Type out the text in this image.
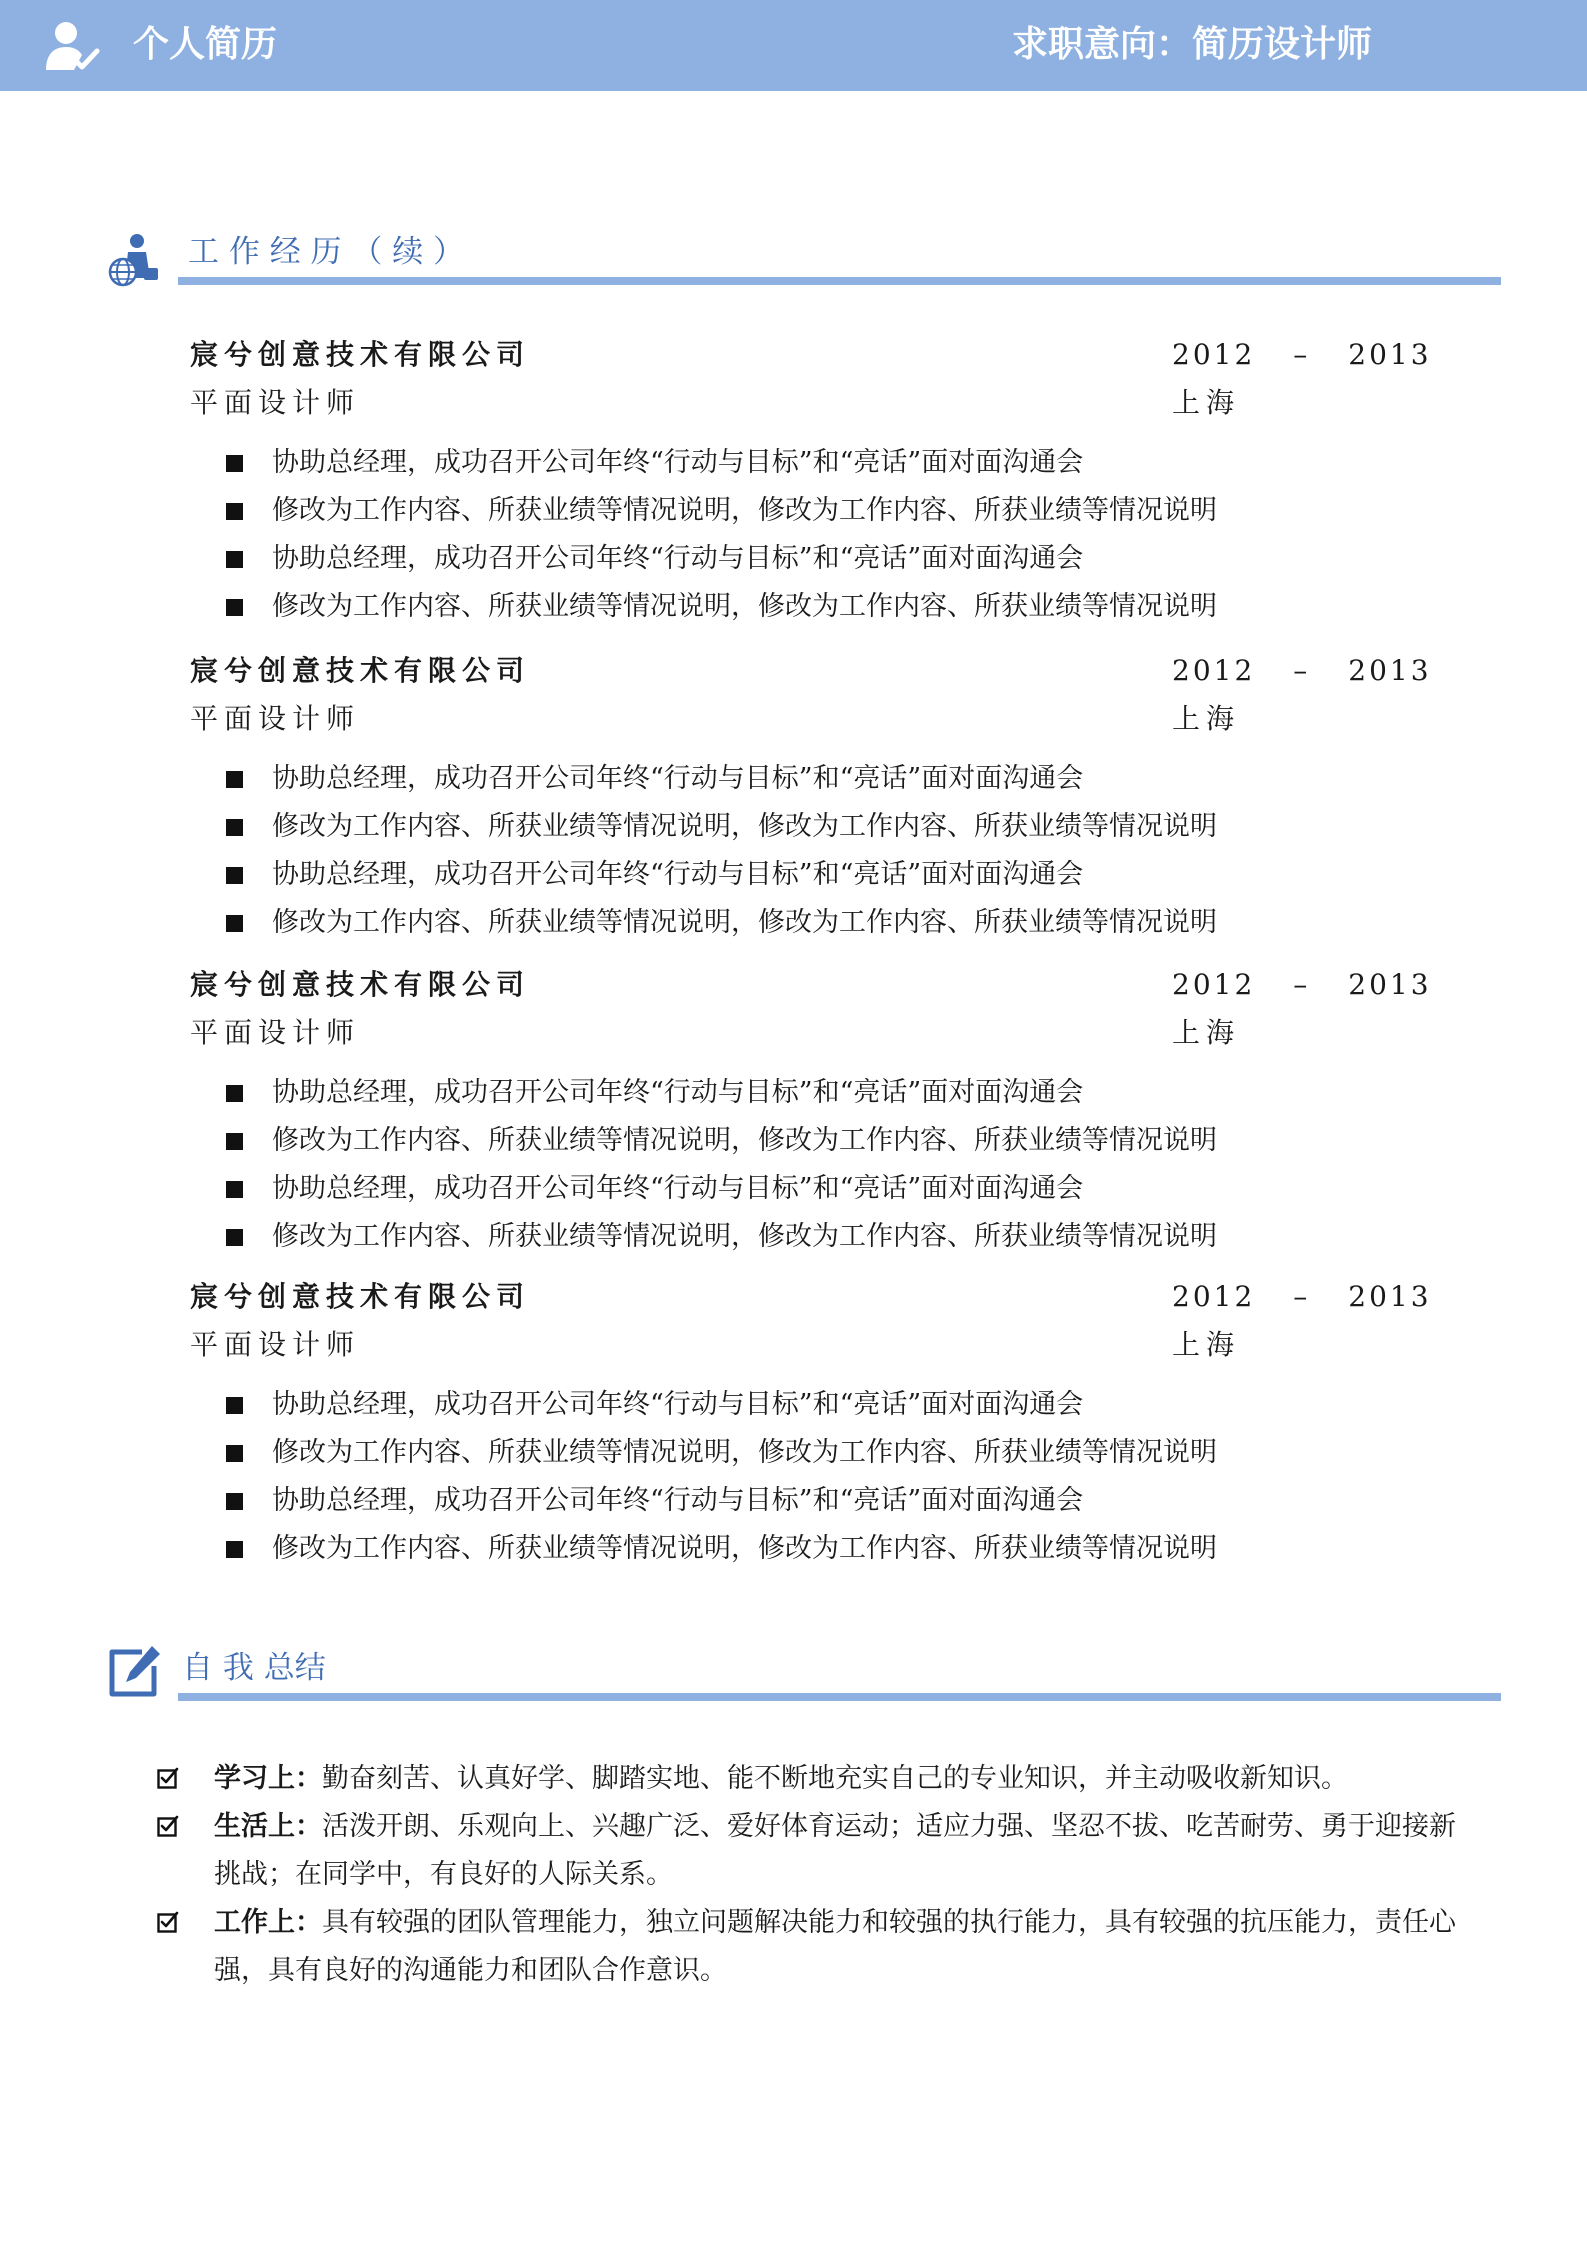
个人简历	求职意向：简历设计师
工 作 经 历 （ 续 ）
宸兮创意技术有限公司	2012 – 2013
平面设计师	上海
协助总经理，成功召开公司年终“行动与目标”和“亮话”面对面沟通会
修改为工作内容、所获业绩等情况说明，修改为工作内容、所获业绩等情况说明
协助总经理，成功召开公司年终“行动与目标”和“亮话”面对面沟通会
修改为工作内容、所获业绩等情况说明，修改为工作内容、所获业绩等情况说明
宸兮创意技术有限公司	2012 – 2013
平面设计师	上海
协助总经理，成功召开公司年终“行动与目标”和“亮话”面对面沟通会
修改为工作内容、所获业绩等情况说明，修改为工作内容、所获业绩等情况说明
协助总经理，成功召开公司年终“行动与目标”和“亮话”面对面沟通会
修改为工作内容、所获业绩等情况说明，修改为工作内容、所获业绩等情况说明
宸兮创意技术有限公司	2012 – 2013
平面设计师	上海
协助总经理，成功召开公司年终“行动与目标”和“亮话”面对面沟通会
修改为工作内容、所获业绩等情况说明，修改为工作内容、所获业绩等情况说明
协助总经理，成功召开公司年终“行动与目标”和“亮话”面对面沟通会
修改为工作内容、所获业绩等情况说明，修改为工作内容、所获业绩等情况说明
宸兮创意技术有限公司	2012 – 2013
平面设计师	上海
协助总经理，成功召开公司年终“行动与目标”和“亮话”面对面沟通会
修改为工作内容、所获业绩等情况说明，修改为工作内容、所获业绩等情况说明
协助总经理，成功召开公司年终“行动与目标”和“亮话”面对面沟通会
修改为工作内容、所获业绩等情况说明，修改为工作内容、所获业绩等情况说明
自 我 总结
学习上：勤奋刻苦、认真好学、脚踏实地、能不断地充实自己的专业知识，并主动吸收新知识。
生活上：活泼开朗、乐观向上、兴趣广泛、爱好体育运动；适应力强、坚忍不拔、吃苦耐劳、勇于迎接新挑战；在同学中，有良好的人际关系。
工作上：具有较强的团队管理能力，独立问题解决能力和较强的执行能力，具有较强的抗压能力，责任心强，具有良好的沟通能力和团队合作意识。
